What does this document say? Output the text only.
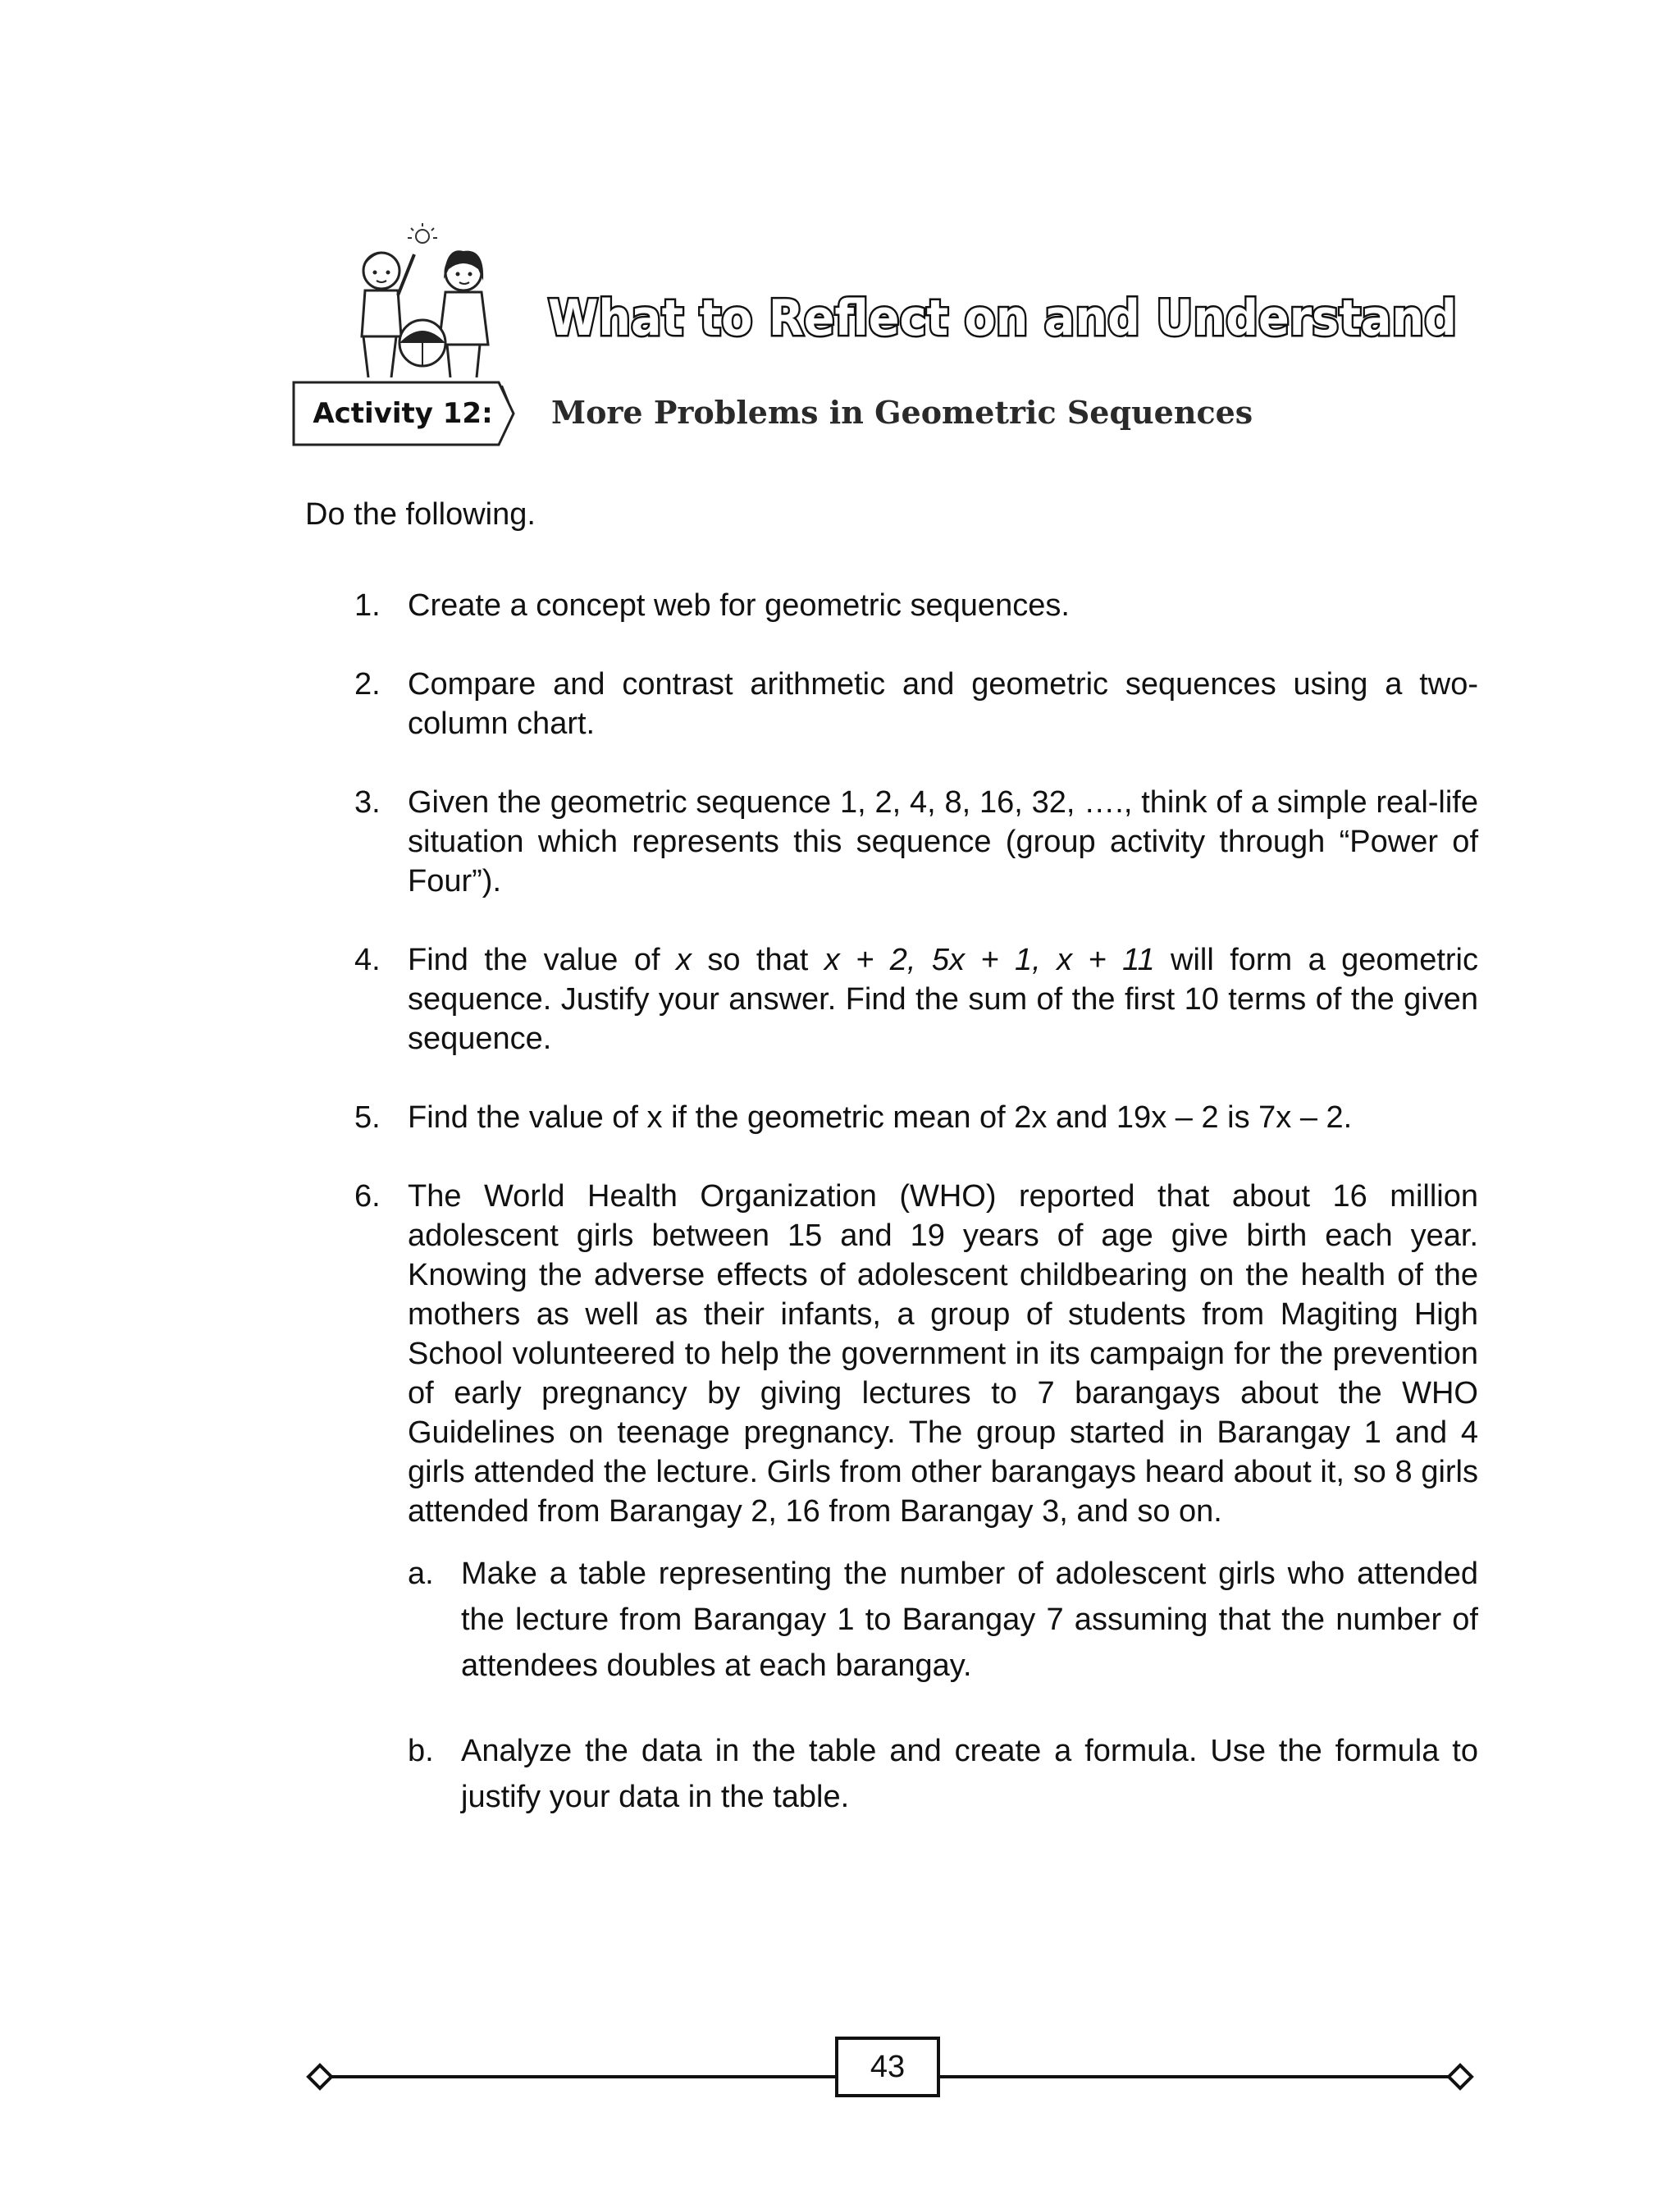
What to Reflect on and Understand
Activity 12:	More Problems in Geometric Sequences
Do the following.
1. Create a concept web for geometric sequences.
2. Compare and contrast arithmetic and geometric sequences using a two-column chart.
3. Given the geometric sequence 1, 2, 4, 8, 16, 32, …., think of a simple real-life situation which represents this sequence (group activity through “Power of Four”).
4. Find the value of x so that x + 2, 5x + 1, x + 11 will form a geometric sequence. Justify your answer. Find the sum of the first 10 terms of the given sequence.
5. Find the value of x if the geometric mean of 2x and 19x – 2 is 7x – 2.
6. The World Health Organization (WHO) reported that about 16 million adolescent girls between 15 and 19 years of age give birth each year. Knowing the adverse effects of adolescent childbearing on the health of the mothers as well as their infants, a group of students from Magiting High School volunteered to help the government in its campaign for the prevention of early pregnancy by giving lectures to 7 barangays about the WHO Guidelines on teenage pregnancy. The group started in Barangay 1 and 4 girls attended the lecture. Girls from other barangays heard about it, so 8 girls attended from Barangay 2, 16 from Barangay 3, and so on.
a. Make a table representing the number of adolescent girls who attended the lecture from Barangay 1 to Barangay 7 assuming that the number of attendees doubles at each barangay.
b. Analyze the data in the table and create a formula. Use the formula to justify your data in the table.
43
